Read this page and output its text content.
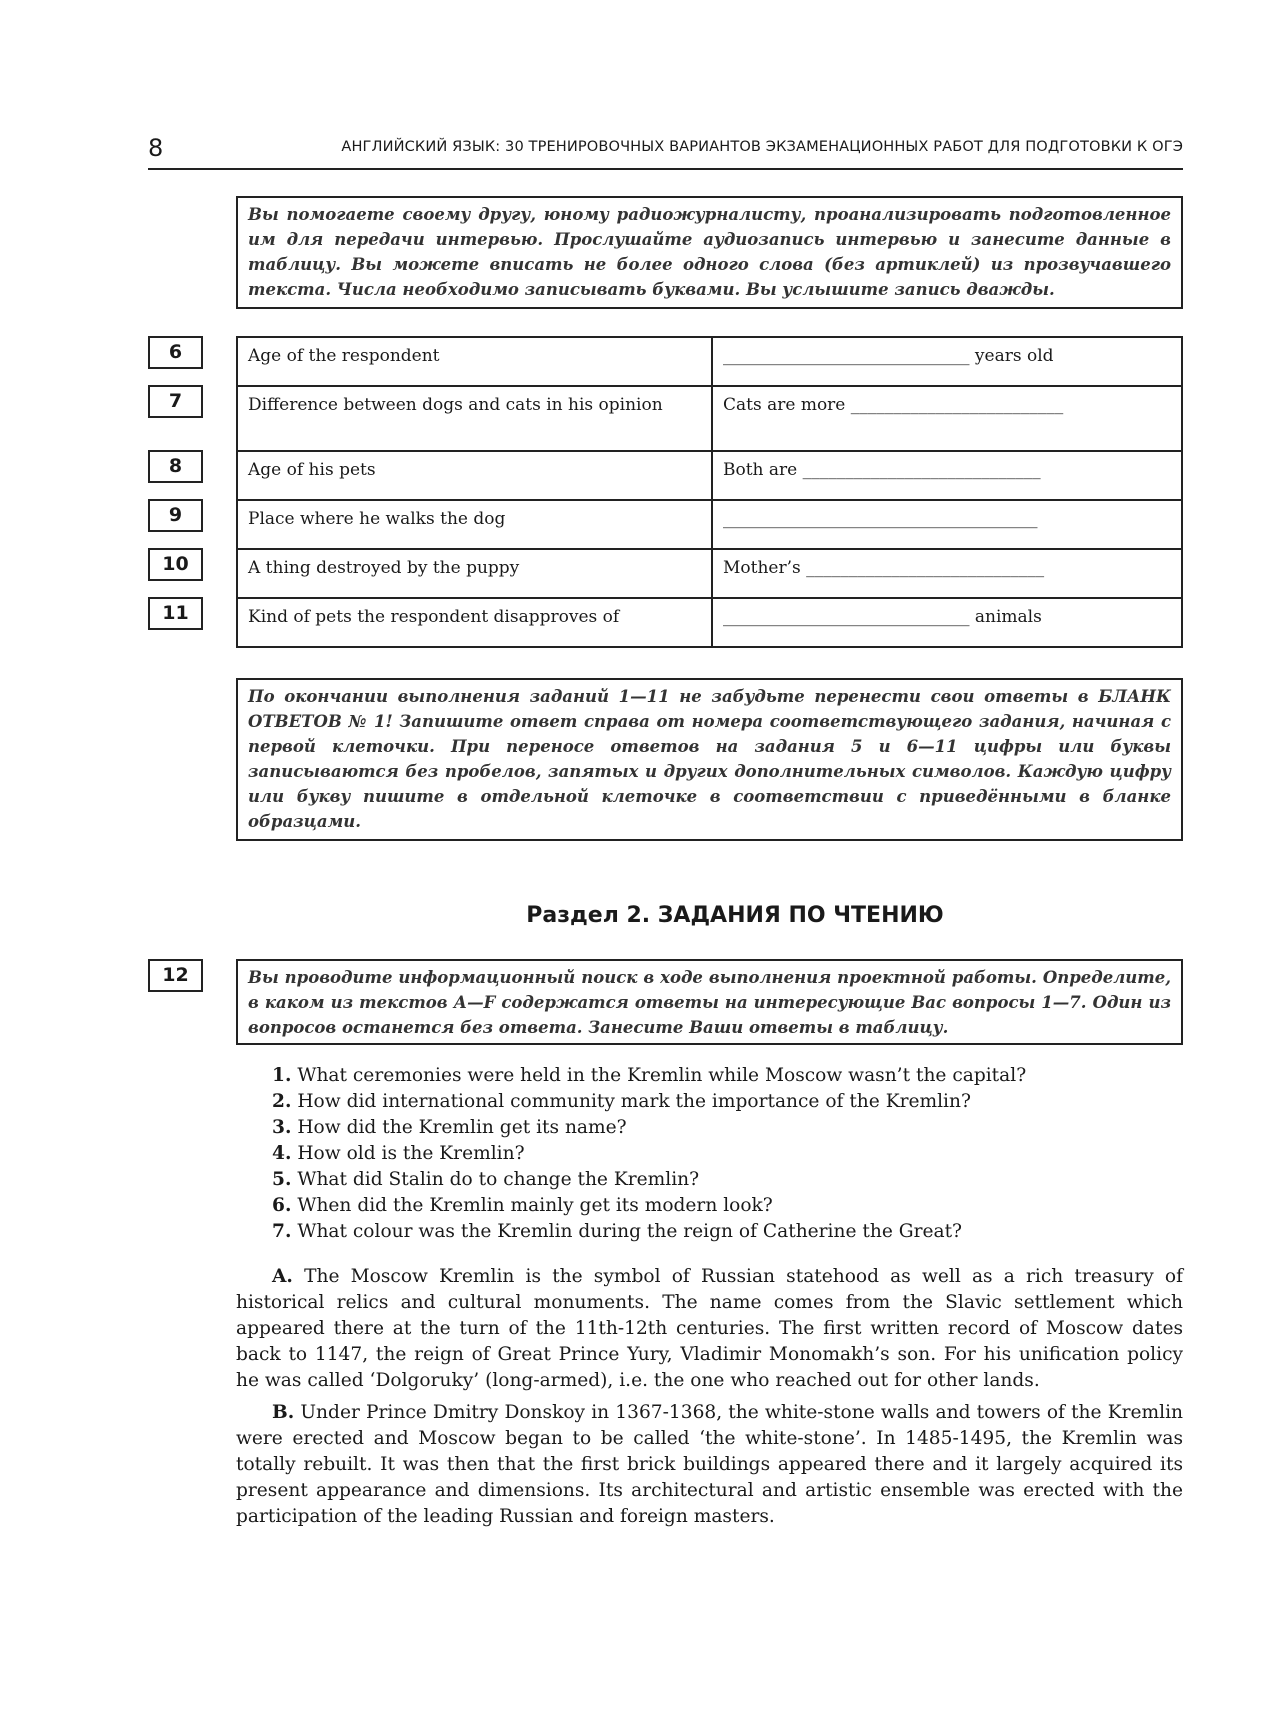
8	АНГЛИЙСКИЙ ЯЗЫК: 30 ТРЕНИРОВОЧНЫХ ВАРИАНТОВ ЭКЗАМЕНАЦИОННЫХ РАБОТ ДЛЯ ПОДГОТОВКИ К ОГЭ
Вы помогаете своему другу, юному радиожурналисту, проанализировать подготовленное им для передачи интервью. Прослушайте аудиозапись интервью и занесите данные в таблицу. Вы можете вписать не более одного слова (без артиклей) из прозвучавшего текста. Числа необходимо записывать буквами. Вы услышите запись дважды.
6
7
8
9
10
11
Age of the respondent	_____________________________ years old
Difference between dogs and cats in his opinion	Cats are more _________________________
Age of his pets	Both are ____________________________
Place where he walks the dog	_____________________________________
A thing destroyed by the puppy	Mother’s ____________________________
Kind of pets the respondent disapproves of	_____________________________ animals
По окончании выполнения заданий 1—11 не забудьте перенести свои ответы в БЛАНК ОТВЕТОВ № 1! Запишите ответ справа от номера соответствующего задания, начиная с первой клеточки. При переносе ответов на задания 5 и 6—11 цифры или буквы записываются без пробелов, запятых и других дополнительных символов. Каждую цифру или букву пишите в отдельной клеточке в соответствии с приведёнными в бланке образцами.
Раздел 2. ЗАДАНИЯ ПО ЧТЕНИЮ
12	Вы проводите информационный поиск в ходе выполнения проектной работы. Определите, в каком из текстов А—F содержатся ответы на интересующие Вас вопросы 1—7. Один из вопросов останется без ответа. Занесите Ваши ответы в таблицу.
1. What ceremonies were held in the Kremlin while Moscow wasn’t the capital?
2. How did international community mark the importance of the Kremlin?
3. How did the Kremlin get its name?
4. How old is the Kremlin?
5. What did Stalin do to change the Kremlin?
6. When did the Kremlin mainly get its modern look?
7. What colour was the Kremlin during the reign of Catherine the Great?

A. The Moscow Kremlin is the symbol of Russian statehood as well as a rich treasury of historical relics and cultural monuments. The name comes from the Slavic settlement which appeared there at the turn of the 11th-12th centuries. The first written record of Moscow dates back to 1147, the reign of Great Prince Yury, Vladimir Monomakh’s son. For his unification policy he was called ‘Dolgoruky’ (long-armed), i.e. the one who reached out for other lands.

B. Under Prince Dmitry Donskoy in 1367-1368, the white-stone walls and towers of the Kremlin were erected and Moscow began to be called ‘the white-stone’. In 1485-1495, the Kremlin was totally rebuilt. It was then that the first brick buildings appeared there and it largely acquired its present appearance and dimensions. Its architectural and artistic ensemble was erected with the participation of the leading Russian and foreign masters.
